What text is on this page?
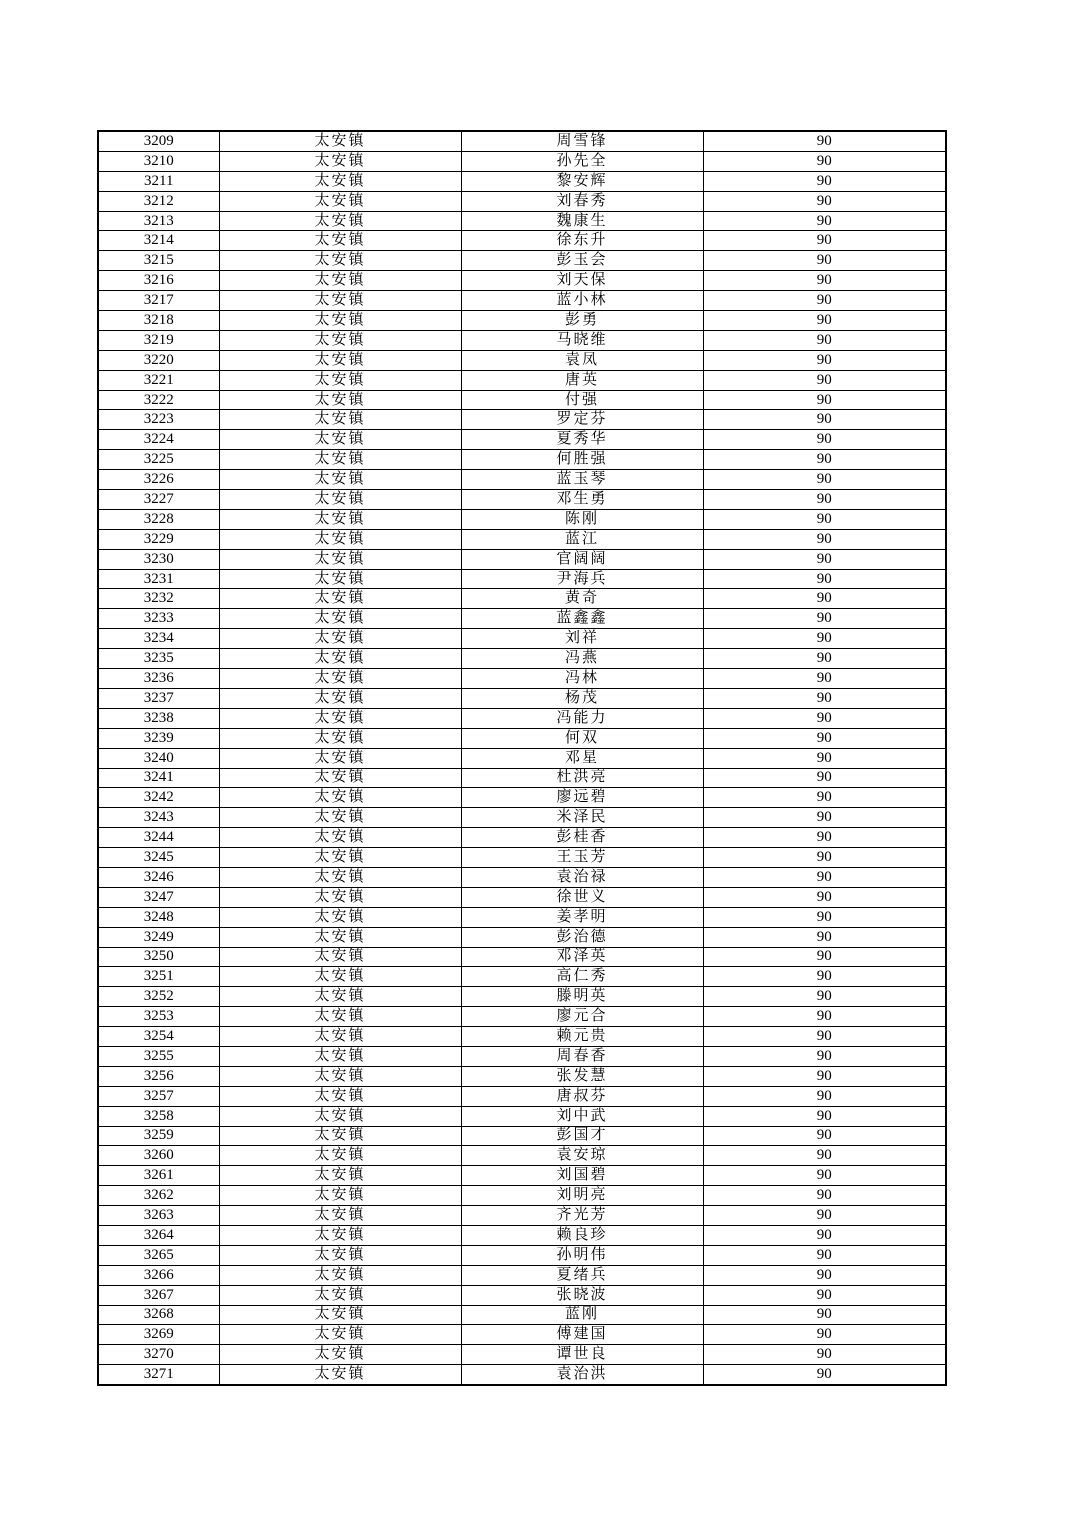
3209	太安镇	周雪锋	90
3210	太安镇	孙先全	90
3211	太安镇	黎安辉	90
3212	太安镇	刘春秀	90
3213	太安镇	魏康生	90
3214	太安镇	徐东升	90
3215	太安镇	彭玉会	90
3216	太安镇	刘天保	90
3217	太安镇	蓝小林	90
3218	太安镇	彭勇	90
3219	太安镇	马晓维	90
3220	太安镇	袁凤	90
3221	太安镇	唐英	90
3222	太安镇	付强	90
3223	太安镇	罗定芬	90
3224	太安镇	夏秀华	90
3225	太安镇	何胜强	90
3226	太安镇	蓝玉琴	90
3227	太安镇	邓生勇	90
3228	太安镇	陈刚	90
3229	太安镇	蓝江	90
3230	太安镇	官阔阔	90
3231	太安镇	尹海兵	90
3232	太安镇	黄奇	90
3233	太安镇	蓝鑫鑫	90
3234	太安镇	刘祥	90
3235	太安镇	冯燕	90
3236	太安镇	冯林	90
3237	太安镇	杨茂	90
3238	太安镇	冯能力	90
3239	太安镇	何双	90
3240	太安镇	邓星	90
3241	太安镇	杜洪亮	90
3242	太安镇	廖远碧	90
3243	太安镇	米泽民	90
3244	太安镇	彭桂香	90
3245	太安镇	王玉芳	90
3246	太安镇	袁治禄	90
3247	太安镇	徐世义	90
3248	太安镇	姜孝明	90
3249	太安镇	彭治德	90
3250	太安镇	邓泽英	90
3251	太安镇	高仁秀	90
3252	太安镇	滕明英	90
3253	太安镇	廖元合	90
3254	太安镇	赖元贵	90
3255	太安镇	周春香	90
3256	太安镇	张发慧	90
3257	太安镇	唐叔芬	90
3258	太安镇	刘中武	90
3259	太安镇	彭国才	90
3260	太安镇	袁安琼	90
3261	太安镇	刘国碧	90
3262	太安镇	刘明亮	90
3263	太安镇	齐光芳	90
3264	太安镇	赖良珍	90
3265	太安镇	孙明伟	90
3266	太安镇	夏绪兵	90
3267	太安镇	张晓波	90
3268	太安镇	蓝刚	90
3269	太安镇	傅建国	90
3270	太安镇	谭世良	90
3271	太安镇	袁治洪	90
